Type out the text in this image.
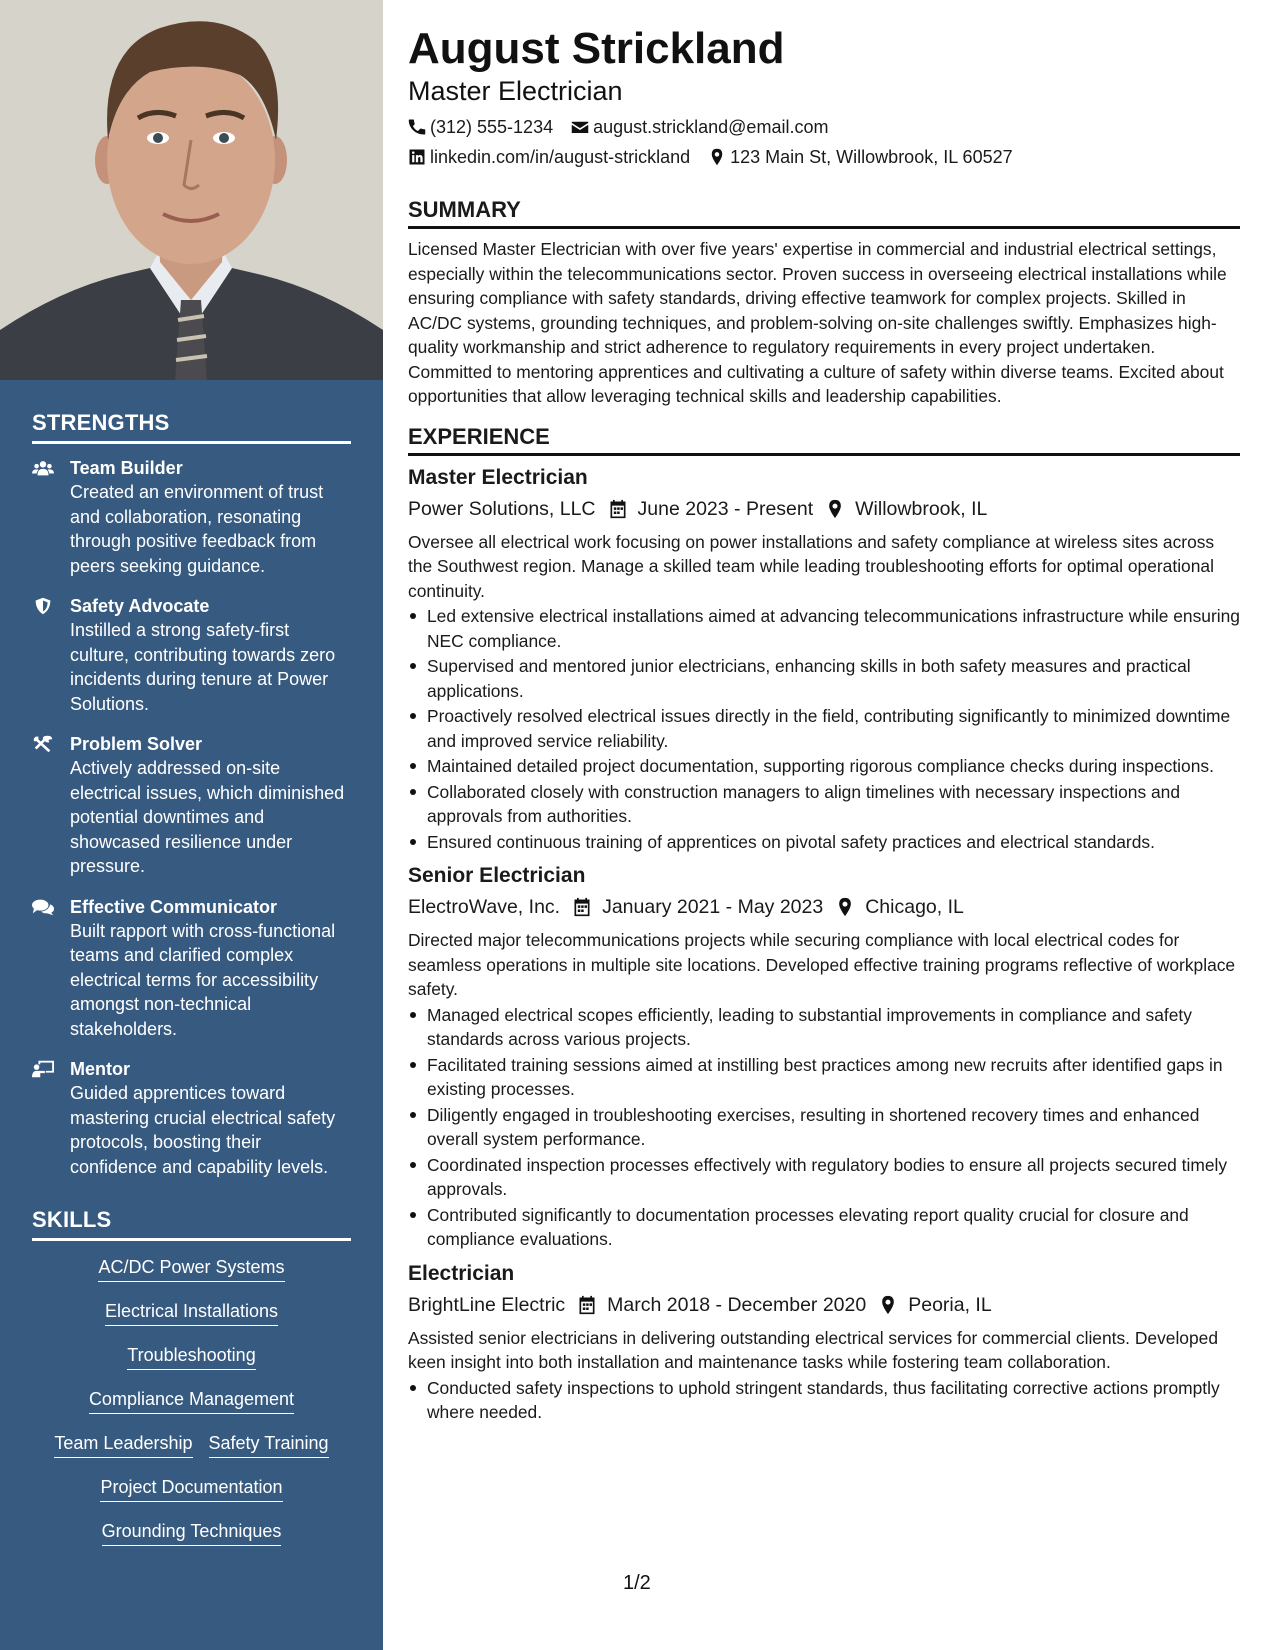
STRENGTHS
Team Builder
Created an environment of trust and collaboration, resonating through positive feedback from peers seeking guidance.
Safety Advocate
Instilled a strong safety-first culture, contributing towards zero incidents during tenure at Power Solutions.
Problem Solver
Actively addressed on-site electrical issues, which diminished potential downtimes and showcased resilience under pressure.
Effective Communicator
Built rapport with cross-functional teams and clarified complex electrical terms for accessibility amongst non-technical stakeholders.
Mentor
Guided apprentices toward mastering crucial electrical safety protocols, boosting their confidence and capability levels.
SKILLS
AC/DC Power Systems
Electrical Installations
Troubleshooting
Compliance Management
Team Leadership Safety Training
Project Documentation
Grounding Techniques
August Strickland
Master Electrician
(312) 555-1234 august.strickland@email.com
linkedin.com/in/august-strickland 123 Main St, Willowbrook, IL 60527
SUMMARY

Licensed Master Electrician with over five years' expertise in commercial and industrial electrical settings, especially within the telecommunications sector. Proven success in overseeing electrical installations while ensuring compliance with safety standards, driving effective teamwork for complex projects. Skilled in AC/DC systems, grounding techniques, and problem-solving on-site challenges swiftly. Emphasizes high-quality workmanship and strict adherence to regulatory requirements in every project undertaken. Committed to mentoring apprentices and cultivating a culture of safety within diverse teams. Excited about opportunities that allow leveraging technical skills and leadership capabilities.

EXPERIENCE
Master Electrician
Power Solutions, LLC June 2023 - Present Willowbrook, IL

Oversee all electrical work focusing on power installations and safety compliance at wireless sites across the Southwest region. Manage a skilled team while leading troubleshooting efforts for optimal operational continuity.

Led extensive electrical installations aimed at advancing telecommunications infrastructure while ensuring NEC compliance.
Supervised and mentored junior electricians, enhancing skills in both safety measures and practical applications.
Proactively resolved electrical issues directly in the field, contributing significantly to minimized downtime and improved service reliability.
Maintained detailed project documentation, supporting rigorous compliance checks during inspections.
Collaborated closely with construction managers to align timelines with necessary inspections and approvals from authorities.
Ensured continuous training of apprentices on pivotal safety practices and electrical standards.
Senior Electrician
ElectroWave, Inc. January 2021 - May 2023 Chicago, IL

Directed major telecommunications projects while securing compliance with local electrical codes for seamless operations in multiple site locations. Developed effective training programs reflective of workplace safety.

Managed electrical scopes efficiently, leading to substantial improvements in compliance and safety standards across various projects.
Facilitated training sessions aimed at instilling best practices among new recruits after identified gaps in existing processes.
Diligently engaged in troubleshooting exercises, resulting in shortened recovery times and enhanced overall system performance.
Coordinated inspection processes effectively with regulatory bodies to ensure all projects secured timely approvals.
Contributed significantly to documentation processes elevating report quality crucial for closure and compliance evaluations.
Electrician
BrightLine Electric March 2018 - December 2020 Peoria, IL

Assisted senior electricians in delivering outstanding electrical services for commercial clients. Developed keen insight into both installation and maintenance tasks while fostering team collaboration.

Conducted safety inspections to uphold stringent standards, thus facilitating corrective actions promptly where needed.
1/2
